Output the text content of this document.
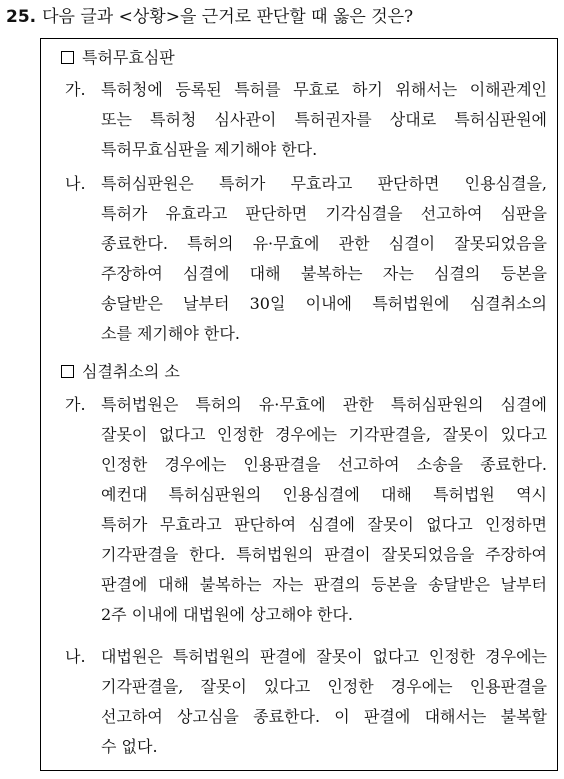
25. 다음 글과 <상황>을 근거로 판단할 때 옳은 것은?
특허무효심판
가. 특허청에 등록된 특허를 무효로 하기 위해서는 이해관계인
또는 특허청 심사관이 특허권자를 상대로 특허심판원에
특허무효심판을 제기해야 한다.
나. 특허심판원은 특허가 무효라고 판단하면 인용심결을,
특허가 유효라고 판단하면 기각심결을 선고하여 심판을
종료한다. 특허의 유·무효에 관한 심결이 잘못되었음을
주장하여 심결에 대해 불복하는 자는 심결의 등본을
송달받은 날부터 30일 이내에 특허법원에 심결취소의
소를 제기해야 한다.
심결취소의 소
가. 특허법원은 특허의 유·무효에 관한 특허심판원의 심결에
잘못이 없다고 인정한 경우에는 기각판결을, 잘못이 있다고
인정한 경우에는 인용판결을 선고하여 소송을 종료한다.
예컨대 특허심판원의 인용심결에 대해 특허법원 역시
특허가 무효라고 판단하여 심결에 잘못이 없다고 인정하면
기각판결을 한다. 특허법원의 판결이 잘못되었음을 주장하여
판결에 대해 불복하는 자는 판결의 등본을 송달받은 날부터
2주 이내에 대법원에 상고해야 한다.
나. 대법원은 특허법원의 판결에 잘못이 없다고 인정한 경우에는
기각판결을, 잘못이 있다고 인정한 경우에는 인용판결을
선고하여 상고심을 종료한다. 이 판결에 대해서는 불복할
수 없다.
